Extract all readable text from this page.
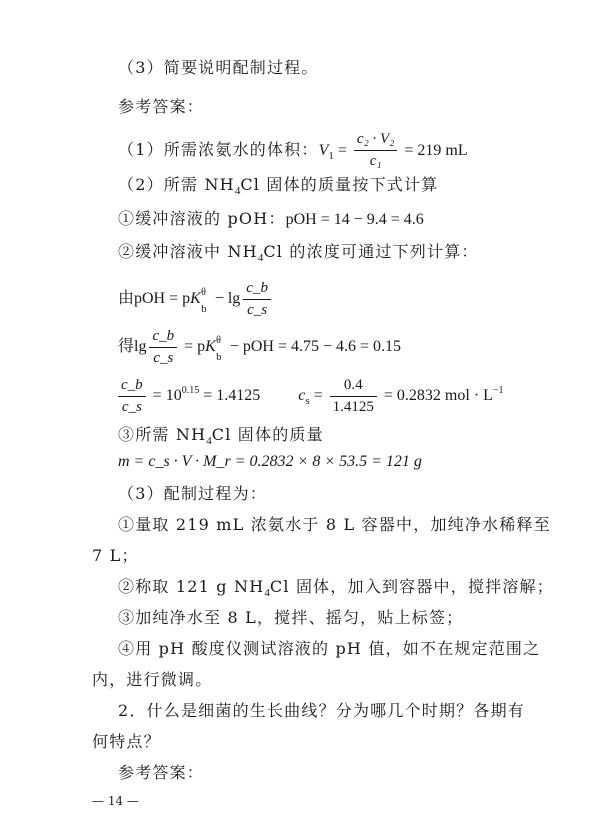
（3）简要说明配制过程。
参考答案：
（1）所需浓氨水的体积：$V_1 = \frac{\text{c₂ · V₂}}{\text{c₁}} = 219$ mL
（2）所需 $NH_4Cl$ 固体的质量按下式计算
①缓冲溶液的 pOH：pOH = 14 − 9.4 = 4.6
②缓冲溶液中 $NH_4Cl$ 的浓度可通过下列计算：
由pOH = pK θ
b
− $\lg \frac{c\_b}{c\_s}$
得$\lg \frac{c\_b}{c\_s}$ = pK θ
b
− pOH = 4.75 − 4.6 = 0.15
$\frac{c\_b}{c\_s} = 10^{0.15} = 1.4125$ $c_s = \frac{0.4}{1.4125} = 0.2832$ mol · $L^{-1}$
③所需 $NH_4Cl$ 固体的质量
m = c_s · V · M_r = 0.2832 × 8 × 53.5 = 121 g
（3）配制过程为：
①量取 219 mL 浓氨水于 8 L 容器中，加纯净水稀释至
7 L；
②称取 121 g $NH_4Cl$ 固体，加入到容器中，搅拌溶解；
③加纯净水至 8 L，搅拌、摇匀，贴上标签；
④用 pH 酸度仪测试溶液的 pH 值，如不在规定范围之
内，进行微调。
2．什么是细菌的生长曲线？分为哪几个时期？各期有
何特点？
参考答案：
— 14 —
